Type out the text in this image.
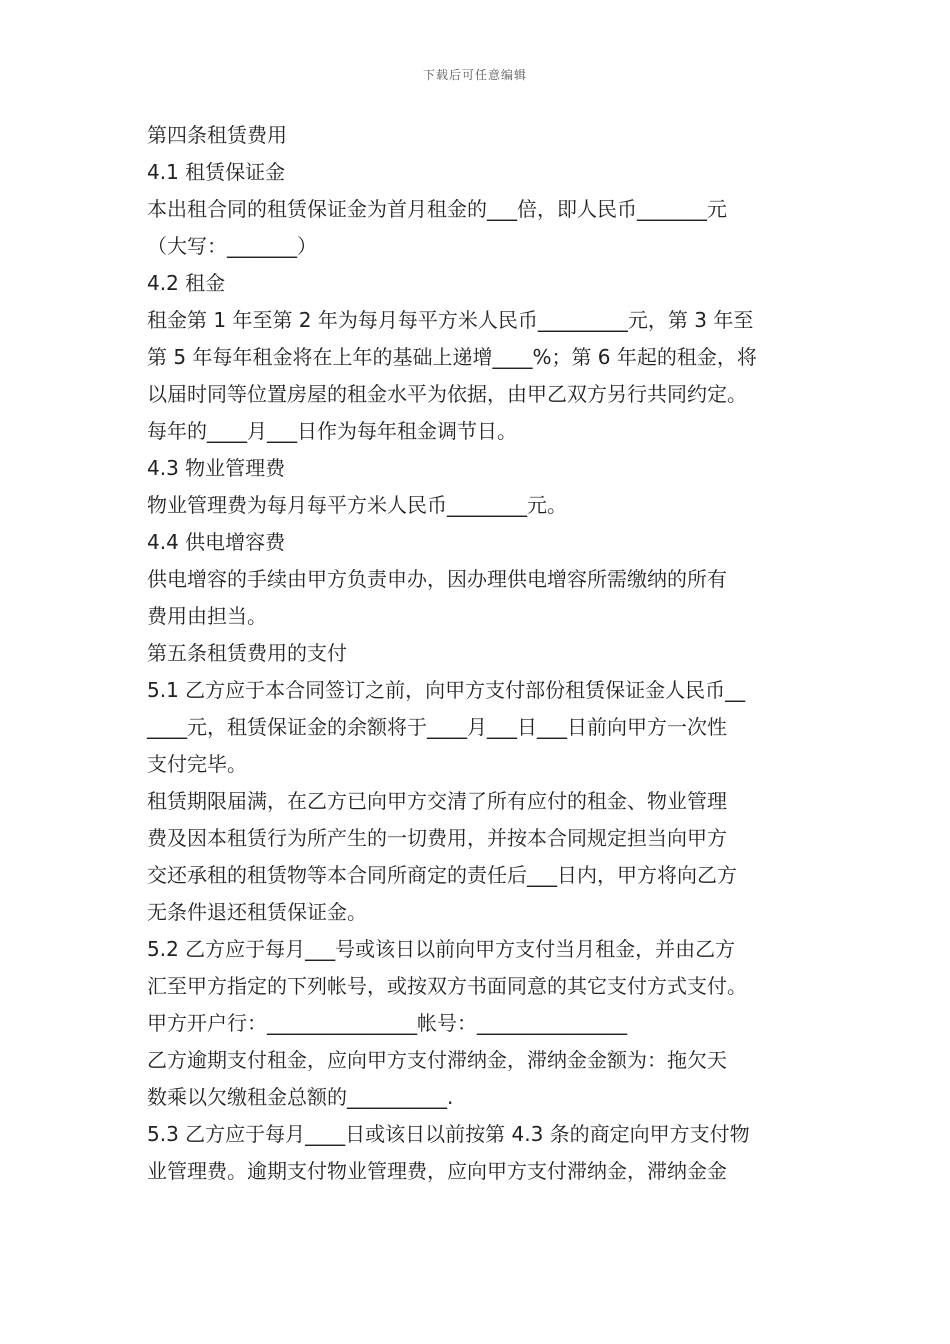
下载后可任意编辑
第四条租赁费用
4.1 租赁保证金
本出租合同的租赁保证金为首月租金的___倍，即人民币_______元
（大写：_______）
4.2 租金
租金第 1 年至第 2 年为每月每平方米人民币_________元，第 3 年至
第 5 年每年租金将在上年的基础上递增____%；第 6 年起的租金，将
以届时同等位置房屋的租金水平为依据，由甲乙双方另行共同约定。
每年的____月___日作为每年租金调节日。
4.3 物业管理费
物业管理费为每月每平方米人民币________元。
4.4 供电增容费
供电增容的手续由甲方负责申办，因办理供电增容所需缴纳的所有
费用由担当。
第五条租赁费用的支付
5.1 乙方应于本合同签订之前，向甲方支付部份租赁保证金人民币__
____元，租赁保证金的余额将于____月___日___日前向甲方一次性
支付完毕。
租赁期限届满，在乙方已向甲方交清了所有应付的租金、物业管理
费及因本租赁行为所产生的一切费用，并按本合同规定担当向甲方
交还承租的租赁物等本合同所商定的责任后___日内，甲方将向乙方
无条件退还租赁保证金。
5.2 乙方应于每月___号或该日以前向甲方支付当月租金，并由乙方
汇至甲方指定的下列帐号，或按双方书面同意的其它支付方式支付。
甲方开户行：_______________帐号：_______________
乙方逾期支付租金，应向甲方支付滞纳金，滞纳金金额为：拖欠天
数乘以欠缴租金总额的__________.
5.3 乙方应于每月____日或该日以前按第 4.3 条的商定向甲方支付物
业管理费。逾期支付物业管理费，应向甲方支付滞纳金，滞纳金金
